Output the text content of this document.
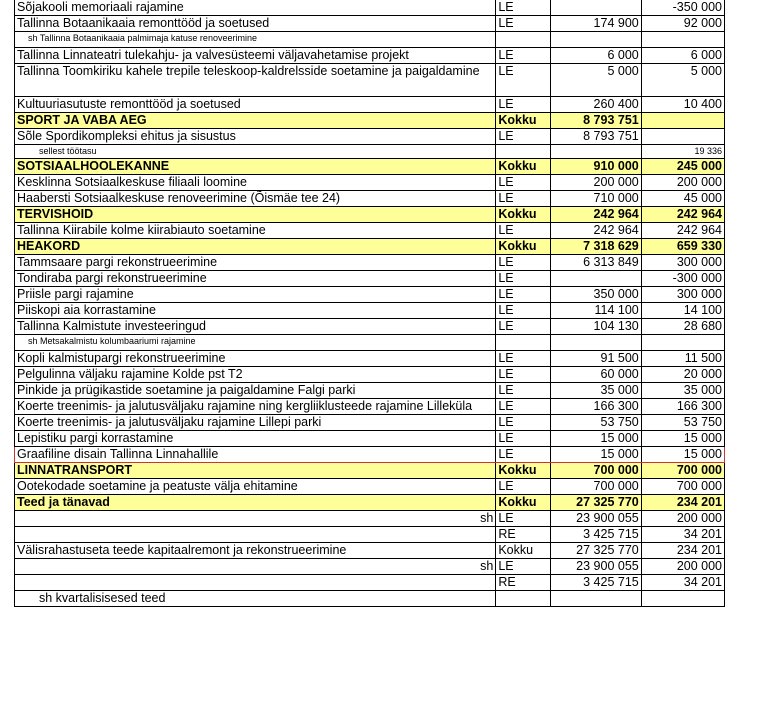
Sõjakooli memoriaali rajamine	LE		-350 000
Tallinna Botaanikaaia remonttööd ja soetused	LE	174 900	92 000
sh Tallinna Botaanikaaia palmimaja katuse renoveerimine			
Tallinna Linnateatri tulekahju- ja valvesüsteemi väljavahetamise projekt	LE	6 000	6 000
Tallinna Toomkiriku kahele trepile teleskoop-kaldrelsside soetamine ja paigaldamine	LE	5 000	5 000
Kultuuriasutuste remonttööd ja soetused	LE	260 400	10 400
SPORT JA VABA AEG	Kokku	8 793 751	
Sõle Spordikompleksi ehitus ja sisustus	LE	8 793 751	
sellest töötasu			19 336
SOTSIAALHOOLEKANNE	Kokku	910 000	245 000
Kesklinna Sotsiaalkeskuse filiaali loomine	LE	200 000	200 000
Haabersti Sotsiaalkeskuse renoveerimine (Õismäe tee 24)	LE	710 000	45 000
TERVISHOID	Kokku	242 964	242 964
Tallinna Kiirabile kolme kiirabiauto soetamine	LE	242 964	242 964
HEAKORD	Kokku	7 318 629	659 330
Tammsaare pargi rekonstrueerimine	LE	6 313 849	300 000
Tondiraba pargi rekonstrueerimine	LE		-300 000
Priisle pargi rajamine	LE	350 000	300 000
Piiskopi aia korrastamine	LE	114 100	14 100
Tallinna Kalmistute investeeringud	LE	104 130	28 680
sh Metsakalmistu kolumbaariumi rajamine			
Kopli kalmistupargi rekonstrueerimine	LE	91 500	11 500
Pelgulinna väljaku rajamine Kolde pst T2	LE	60 000	20 000
Pinkide ja prügikastide soetamine ja paigaldamine Falgi parki	LE	35 000	35 000
Koerte treenimis- ja jalutusväljaku rajamine ning kergliiklusteede rajamine Lilleküla	LE	166 300	166 300
Koerte treenimis- ja jalutusväljaku rajamine Lillepi parki	LE	53 750	53 750
Lepistiku pargi korrastamine	LE	15 000	15 000
Graafiline disain Tallinna Linnahallile	LE	15 000	15 000
LINNATRANSPORT	Kokku	700 000	700 000
Ootekodade soetamine ja peatuste välja ehitamine	LE	700 000	700 000
Teed ja tänavad	Kokku	27 325 770	234 201
sh	LE	23 900 055	200 000
	RE	3 425 715	34 201
Välisrahastuseta teede kapitaalremont ja rekonstrueerimine	Kokku	27 325 770	234 201
sh	LE	23 900 055	200 000
	RE	3 425 715	34 201
sh kvartalisisesed teed			
